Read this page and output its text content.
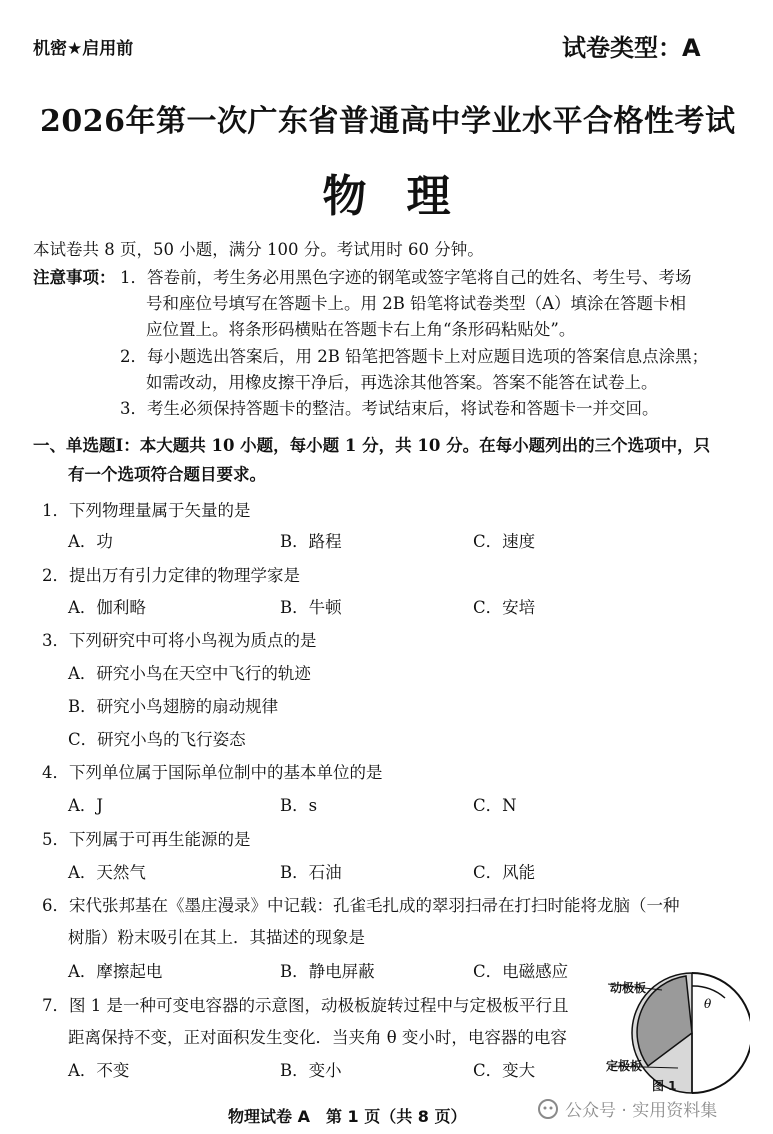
机密★启用前	试卷类型：A
2026年第一次广东省普通高中学业水平合格性考试
物理
本试卷共 8 页，50 小题，满分 100 分。考试用时 60 分钟。
注意事项： 1．答卷前，考生务必用黑色字迹的钢笔或签字笔将自己的姓名、考生号、考场
号和座位号填写在答题卡上。用 2B 铅笔将试卷类型（A）填涂在答题卡相
应位置上。将条形码横贴在答题卡右上角“条形码粘贴处”。
2．每小题选出答案后，用 2B 铅笔把答题卡上对应题目选项的答案信息点涂黑；
如需改动，用橡皮擦干净后，再选涂其他答案。答案不能答在试卷上。
3．考生必须保持答题卡的整洁。考试结束后，将试卷和答题卡一并交回。
一、单选题Ⅰ：本大题共 10 小题，每小题 1 分，共 10 分。在每小题列出的三个选项中，只
有一个选项符合题目要求。
1．下列物理量属于矢量的是
A．功	B．路程	C．速度
2．提出万有引力定律的物理学家是
A．伽利略	B．牛顿	C．安培
3．下列研究中可将小鸟视为质点的是
A．研究小鸟在天空中飞行的轨迹
B．研究小鸟翅膀的扇动规律
C．研究小鸟的飞行姿态
4．下列单位属于国际单位制中的基本单位的是
A．J	B．s	C．N
5．下列属于可再生能源的是
A．天然气	B．石油	C．风能
6．宋代张邦基在《墨庄漫录》中记载：孔雀毛扎成的翠羽扫帚在打扫时能将龙脑（一种
树脂）粉末吸引在其上．其描述的现象是
A．摩擦起电	B．静电屏蔽	C．电磁感应
7．图 1 是一种可变电容器的示意图，动极板旋转过程中与定极板平行且
距离保持不变，正对面积发生变化．当夹角 θ 变小时，电容器的电容
A．不变	B．变小	C．变大
θ
动极板
定极板
图 1
物理试卷 A　第 1 页（共 8 页）	公众号 · 实用资料集
